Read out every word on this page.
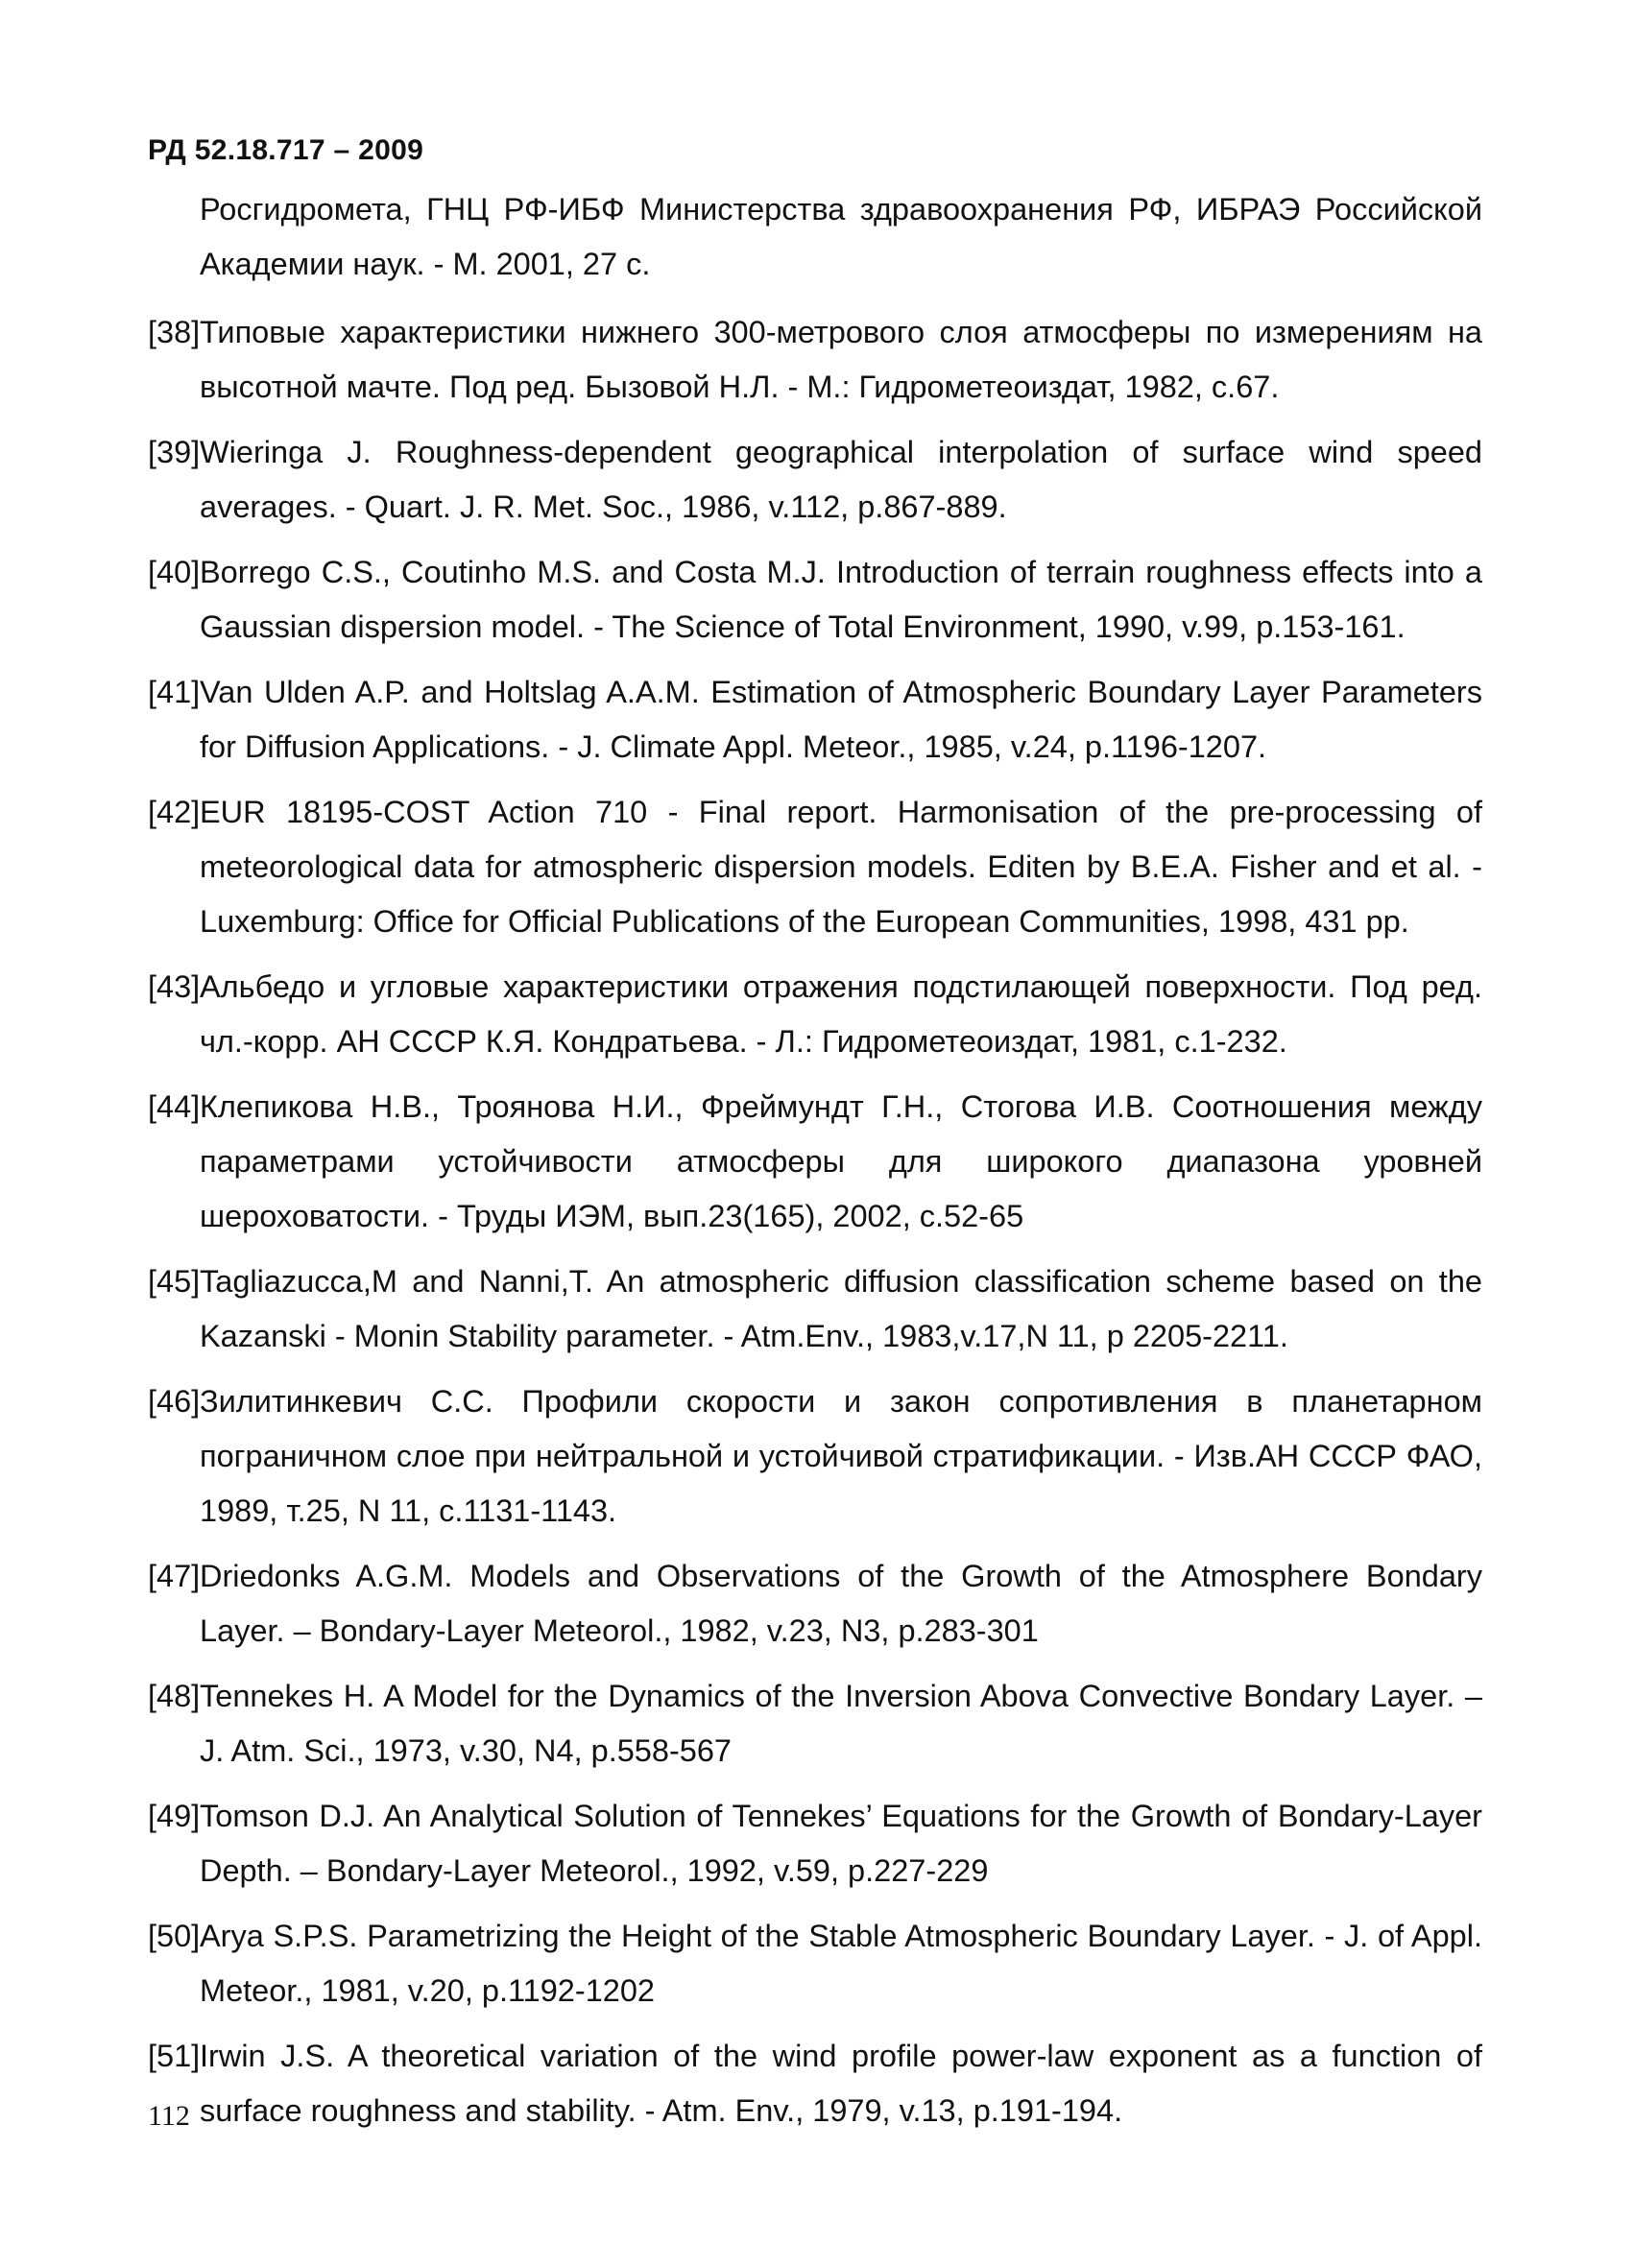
РД 52.18.717 – 2009
Росгидромета, ГНЦ РФ-ИБФ Министерства здравоохранения РФ, ИБРАЭ Российской Академии наук. - М. 2001, 27 с.
[38] Типовые характеристики нижнего 300-метрового слоя атмосферы по измерениям на высотной мачте. Под ред. Бызовой Н.Л. - М.: Гидрометеоиздат, 1982, с.67.
[39] Wieringa J. Roughness-dependent geographical interpolation of surface wind speed averages. - Quart. J. R. Met. Soc., 1986, v.112, p.867-889.
[40] Borrego C.S., Coutinho M.S. and Costa M.J. Introduction of terrain roughness effects into a Gaussian dispersion model. - The Science of Total Environment, 1990, v.99, p.153-161.
[41] Van Ulden A.P. and Holtslag A.A.M. Estimation of Atmospheric Boundary Layer Parameters for Diffusion Applications. - J. Climate Appl. Meteor., 1985, v.24, p.1196-1207.
[42] EUR 18195-COST Action 710 - Final report. Harmonisation of the pre-processing of meteorological data for atmospheric dispersion models. Editen by B.E.A. Fisher and et al. - Luxemburg: Office for Official Publications of the European Communities, 1998, 431 pp.
[43] Альбедо и угловые характеристики отражения подстилающей поверхности. Под ред. чл.-корр. АН СССР К.Я. Кондратьева. - Л.: Гидрометеоиздат, 1981, с.1-232.
[44] Клепикова Н.В., Троянова Н.И., Фреймундт Г.Н., Стогова И.В. Соотношения между параметрами устойчивости атмосферы для широкого диапазона уровней шероховатости. - Труды ИЭМ, вып.23(165), 2002, с.52-65
[45] Tagliazucca,M and Nanni,T. An atmospheric diffusion classification scheme based on the Kazanski - Monin Stability parameter. - Atm.Env., 1983,v.17,N 11, p 2205-2211.
[46] Зилитинкевич С.С. Профили скорости и закон сопротивления в планетарном пограничном слое при нейтральной и устойчивой стратификации. - Изв.АН СССР ФАО, 1989, т.25, N 11, с.1131-1143.
[47] Driedonks A.G.M. Models and Observations of the Growth of the Atmosphere Bondary Layer. – Bondary-Layer Meteorol., 1982, v.23, N3, p.283-301
[48] Tennekes H. A Model for the Dynamics of the Inversion Abova Convective Bondary Layer. – J. Atm. Sci., 1973, v.30, N4, p.558-567
[49] Tomson D.J. An Analytical Solution of Tennekes’ Equations for the Growth of Bondary-Layer Depth. – Bondary-Layer Meteorol., 1992, v.59, p.227-229
[50] Arya S.P.S. Parametrizing the Height of the Stable Atmospheric Boundary Layer. - J. of Appl. Meteor., 1981, v.20, p.1192-1202
[51] Irwin J.S. A theoretical variation of the wind profile power-law exponent as a function of surface roughness and stability. - Atm. Env., 1979, v.13, p.191-194.
112
